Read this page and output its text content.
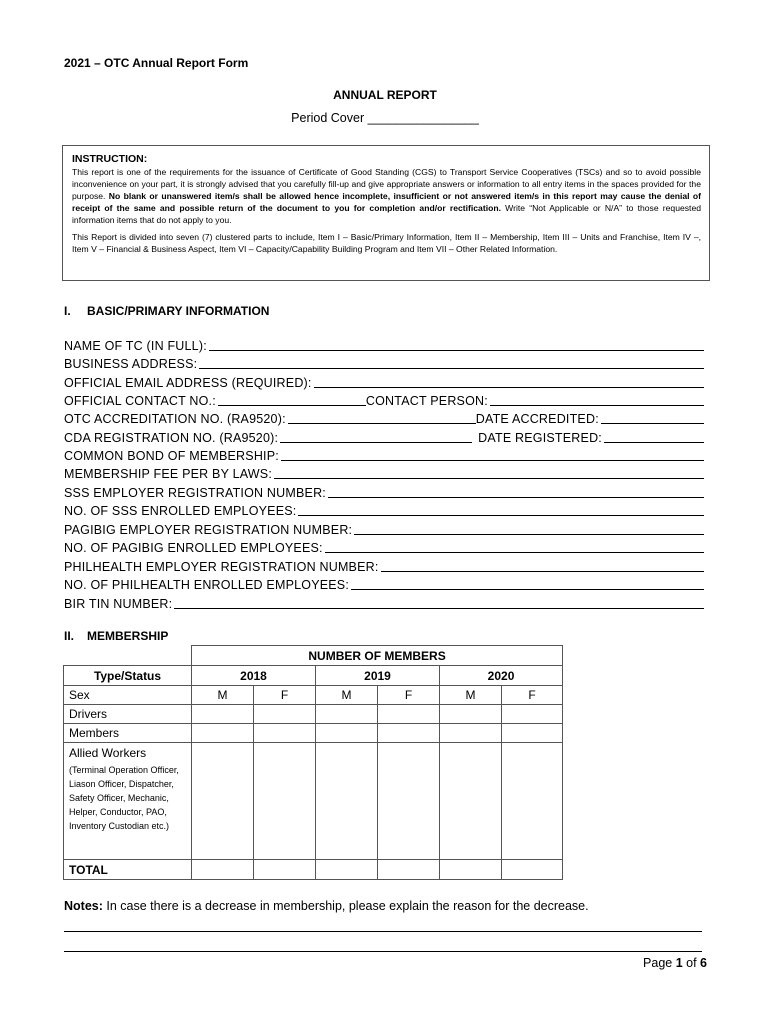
2021 – OTC Annual Report Form
ANNUAL REPORT
Period Cover ________________
INSTRUCTION:

This report is one of the requirements for the issuance of Certificate of Good Standing (CGS) to Transport Service Cooperatives (TSCs) and so to avoid possible inconvenience on your part, it is strongly advised that you carefully fill-up and give appropriate answers or information to all entry items in the spaces provided for the purpose. No blank or unanswered item/s shall be allowed hence incomplete, insufficient or not answered item/s in this report may cause the denial of receipt of the same and possible return of the document to you for completion and/or rectification. Write “Not Applicable or N/A” to those requested information items that do not apply to you.

This Report is divided into seven (7) clustered parts to include, Item I – Basic/Primary Information, Item II – Membership, Item III – Units and Franchise, Item IV –, Item V – Financial & Business Aspect, Item VI – Capacity/Capability Building Program and Item VII – Other Related Information.

I. BASIC/PRIMARY INFORMATION
NAME OF TC (IN FULL):
BUSINESS ADDRESS:
OFFICIAL EMAIL ADDRESS (REQUIRED):
OFFICIAL CONTACT NO.:	CONTACT PERSON:
OTC ACCREDITATION NO. (RA9520):	DATE ACCREDITED:
CDA REGISTRATION NO. (RA9520):	DATE REGISTERED:
COMMON BOND OF MEMBERSHIP:
MEMBERSHIP FEE PER BY LAWS:
SSS EMPLOYER REGISTRATION NUMBER:
NO. OF SSS ENROLLED EMPLOYEES:
PAGIBIG EMPLOYER REGISTRATION NUMBER:
NO. OF PAGIBIG ENROLLED EMPLOYEES:
PHILHEALTH EMPLOYER REGISTRATION NUMBER:
NO. OF PHILHEALTH ENROLLED EMPLOYEES:
BIR TIN NUMBER:
II. MEMBERSHIP
	NUMBER OF MEMBERS					
Type/Status	2018		2019		2020	
Sex	M	F	M	F	M	F
Drivers						
Members						

Allied Workers
(Terminal Operation Officer, Liason Officer, Dispatcher, Safety Officer, Mechanic, Helper, Conductor, PAO, Inventory Custodian etc.)						

TOTAL						
Notes: In case there is a decrease in membership, please explain the reason for the decrease.
Page 1 of 6
